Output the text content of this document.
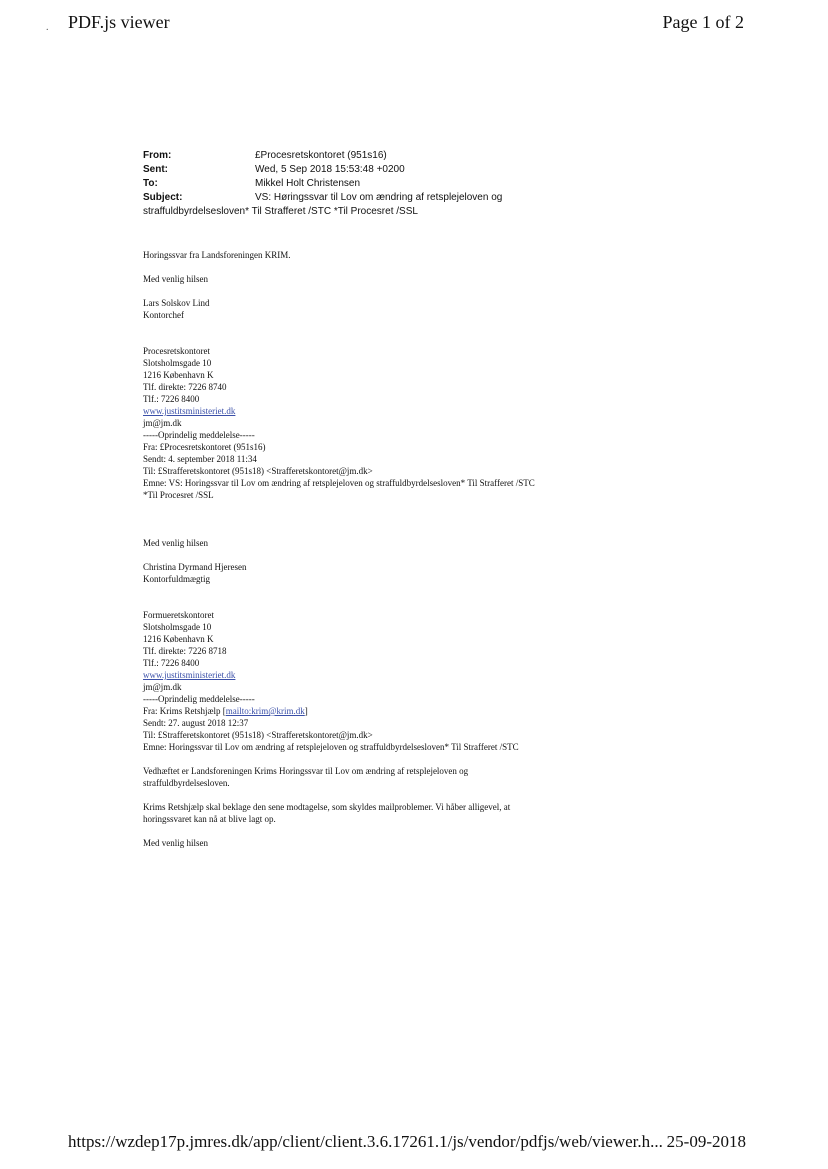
. PDF.js viewer	Page 1 of 2
From:	£Procesretskontoret (951s16)
Sent:	Wed, 5 Sep 2018 15:53:48 +0200
To:	Mikkel Holt Christensen
Subject:	VS: Høringssvar til Lov om ændring af retsplejeloven og
straffuldbyrdelsesloven* Til Strafferet /STC *Til Procesret /SSL

Horingssvar fra Landsforeningen KRIM.

Med venlig hilsen

Lars Solskov Lind

Kontorchef

Procesretskontoret

Slotsholmsgade 10

1216 København K

Tlf. direkte: 7226 8740

Tlf.: 7226 8400

www.justitsministeriet.dk

jm@jm.dk

-----Oprindelig meddelelse-----

Fra: £Procesretskontoret (951s16)

Sendt: 4. september 2018 11:34

Til: £Strafferetskontoret (951s18) <Strafferetskontoret@jm.dk>

Emne: VS: Horingssvar til Lov om ændring af retsplejeloven og straffuldbyrdelsesloven* Til Strafferet /STC

*Til Procesret /SSL

Med venlig hilsen

Christina Dyrmand Hjeresen

Kontorfuldmægtig

Formueretskontoret

Slotsholmsgade 10

1216 København K

Tlf. direkte: 7226 8718

Tlf.: 7226 8400

www.justitsministeriet.dk

jm@jm.dk

-----Oprindelig meddelelse-----

Fra: Krims Retshjælp [mailto:krim@krim.dk]

Sendt: 27. august 2018 12:37

Til: £Strafferetskontoret (951s18) <Strafferetskontoret@jm.dk>

Emne: Horingssvar til Lov om ændring af retsplejeloven og straffuldbyrdelsesloven* Til Strafferet /STC

Vedhæftet er Landsforeningen Krims Horingssvar til Lov om ændring af retsplejeloven og

straffuldbyrdelsesloven.

Krims Retshjælp skal beklage den sene modtagelse, som skyldes mailproblemer. Vi håber alligevel, at

horingssvaret kan nå at blive lagt op.

Med venlig hilsen

https://wzdep17p.jmres.dk/app/client/client.3.6.17261.1/js/vendor/pdfjs/web/viewer.h... 25-09-2018
